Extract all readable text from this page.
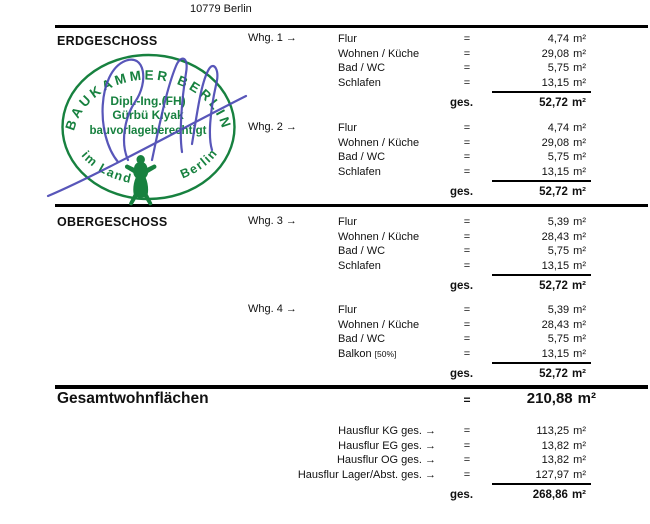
10779 Berlin
ERDGESCHOSS
OBERGESCHOSS
Whg. 1 →	Flur	=	4,74 m²
Wohnen / Küche	=	29,08 m²
Bad / WC	=	5,75 m²
Schlafen	=	13,15 m²
ges.	52,72 m²
Whg. 2 →	Flur	=	4,74 m²
Wohnen / Küche	=	29,08 m²
Bad / WC	=	5,75 m²
Schlafen	=	13,15 m²
ges.	52,72 m²
Whg. 3 →	Flur	=	5,39 m²
Wohnen / Küche	=	28,43 m²
Bad / WC	=	5,75 m²
Schlafen	=	13,15 m²
ges.	52,72 m²
Whg. 4 →	Flur	=	5,39 m²
Wohnen / Küche	=	28,43 m²
Bad / WC	=	5,75 m²
Balkon [50%]	=	13,15 m²
ges.	52,72 m²
Gesamtwohnflächen	=	210,88 m²
Hausflur KG ges. →	=	113,25 m²
Hausflur EG ges. →	=	13,82 m²
Hausflur OG ges. →	=	13,82 m²
Hausflur Lager/Abst. ges. →	=	127,97 m²
ges.	268,86 m²
BAUKAMMER BERLIN
Dipl.-Ing.(FH)
Gürbü Kıyak
bauvorlageberechtigt
im Land	Berlin
